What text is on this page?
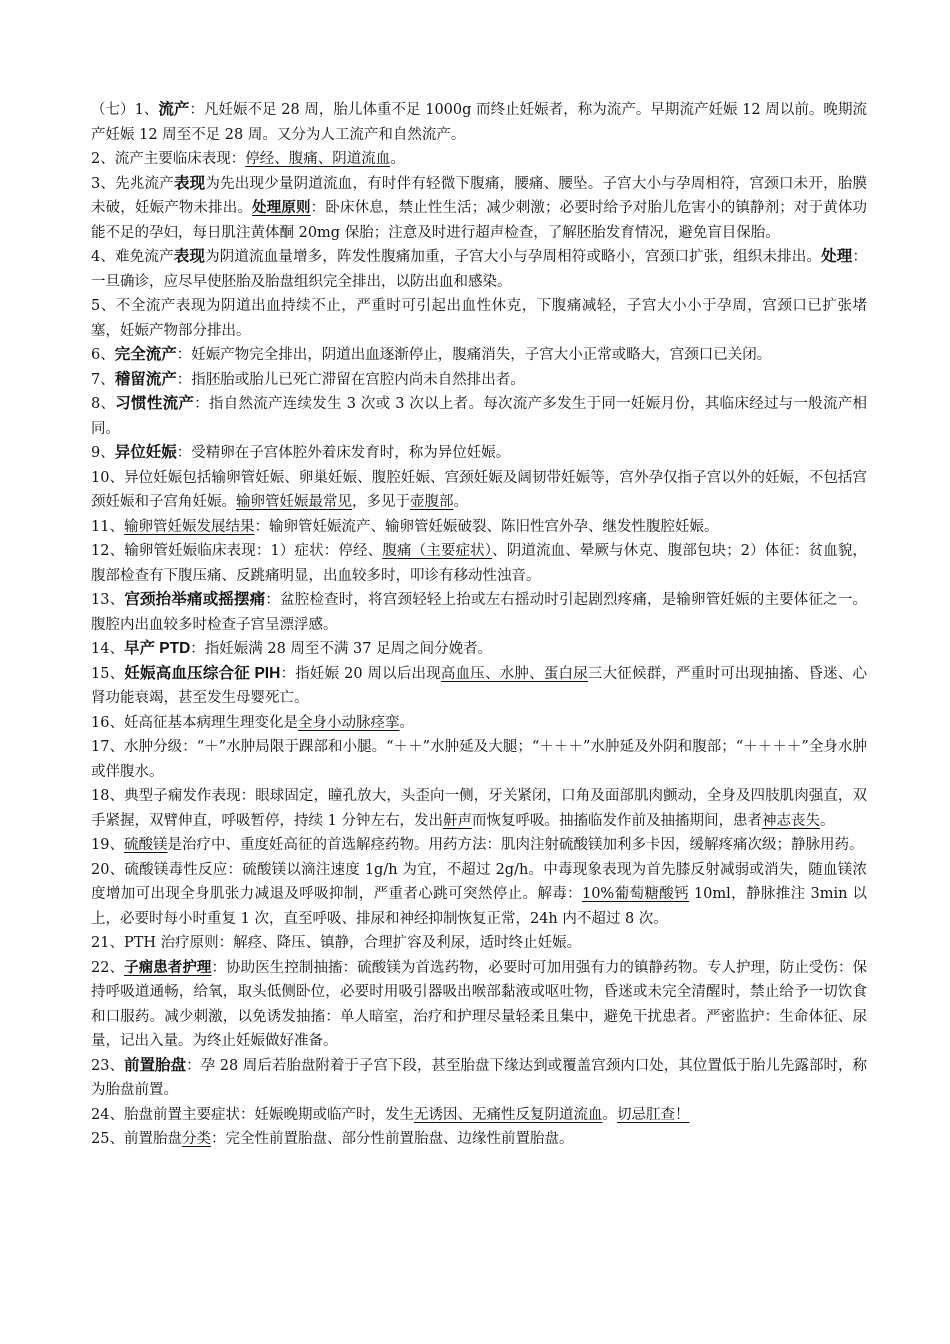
（七）1、流产：凡妊娠不足 28 周，胎儿体重不足 1000g 而终止妊娠者，称为流产。早期流产妊娠 12 周以前。晚期流产妊娠 12 周至不足 28 周。又分为人工流产和自然流产。

2、流产主要临床表现：停经、腹痛、阴道流血。

3、先兆流产表现为先出现少量阴道流血，有时伴有轻微下腹痛，腰痛、腰坠。子宫大小与孕周相符，宫颈口未开，胎膜未破，妊娠产物未排出。处理原则：卧床休息，禁止性生活；减少刺激；必要时给予对胎儿危害小的镇静剂；对于黄体功能不足的孕妇，每日肌注黄体酮 20mg 保胎；注意及时进行超声检查，了解胚胎发育情况，避免盲目保胎。

4、难免流产表现为阴道流血量增多，阵发性腹痛加重，子宫大小与孕周相符或略小，宫颈口扩张，组织未排出。处理：一旦确诊，应尽早使胚胎及胎盘组织完全排出，以防出血和感染。

5、不全流产表现为阴道出血持续不止，严重时可引起出血性休克，下腹痛减轻，子宫大小小于孕周，宫颈口已扩张堵塞，妊娠产物部分排出。

6、完全流产：妊娠产物完全排出，阴道出血逐渐停止，腹痛消失，子宫大小正常或略大，宫颈口已关闭。

7、稽留流产：指胚胎或胎儿已死亡滞留在宫腔内尚未自然排出者。

8、习惯性流产：指自然流产连续发生 3 次或 3 次以上者。每次流产多发生于同一妊娠月份，其临床经过与一般流产相同。

9、异位妊娠：受精卵在子宫体腔外着床发育时，称为异位妊娠。

10、异位妊娠包括输卵管妊娠、卵巢妊娠、腹腔妊娠、宫颈妊娠及阔韧带妊娠等，宫外孕仅指子宫以外的妊娠，不包括宫颈妊娠和子宫角妊娠。输卵管妊娠最常见，多见于壶腹部。

11、输卵管妊娠发展结果：输卵管妊娠流产、输卵管妊娠破裂、陈旧性宫外孕、继发性腹腔妊娠。

12、输卵管妊娠临床表现：1）症状：停经、腹痛（主要症状）、阴道流血、晕厥与休克、腹部包块；2）体征：贫血貌，腹部检查有下腹压痛、反跳痛明显，出血较多时，叩诊有移动性浊音。

13、宫颈抬举痛或摇摆痛：盆腔检查时，将宫颈轻轻上抬或左右摇动时引起剧烈疼痛，是输卵管妊娠的主要体征之一。腹腔内出血较多时检查子宫呈漂浮感。

14、早产 PTD：指妊娠满 28 周至不满 37 足周之间分娩者。

15、妊娠高血压综合征 PIH：指妊娠 20 周以后出现高血压、水肿、蛋白尿三大征候群，严重时可出现抽搐、昏迷、心肾功能衰竭，甚至发生母婴死亡。

16、妊高征基本病理生理变化是全身小动脉痉挛。

17、水肿分级：“＋”水肿局限于踝部和小腿。“＋＋”水肿延及大腿；“＋＋＋”水肿延及外阴和腹部；“＋＋＋＋”全身水肿或伴腹水。

18、典型子痫发作表现：眼球固定，瞳孔放大，头歪向一侧，牙关紧闭，口角及面部肌肉颤动，全身及四肢肌肉强直，双手紧握，双臂伸直，呼吸暂停，持续 1 分钟左右，发出鼾声而恢复呼吸。抽搐临发作前及抽搐期间，患者神志丧失。

19、硫酸镁是治疗中、重度妊高征的首选解痉药物。用药方法：肌肉注射硫酸镁加利多卡因，缓解疼痛次级；静脉用药。

20、硫酸镁毒性反应：硫酸镁以滴注速度 1g/h 为宜，不超过 2g/h。中毒现象表现为首先膝反射减弱或消失，随血镁浓度增加可出现全身肌张力减退及呼吸抑制，严重者心跳可突然停止。解毒：10%葡萄糖酸钙 10ml，静脉推注 3min 以上，必要时每小时重复 1 次，直至呼吸、排尿和神经抑制恢复正常，24h 内不超过 8 次。

21、PTH 治疗原则：解痉、降压、镇静，合理扩容及利尿，适时终止妊娠。

22、子痫患者护理：协助医生控制抽搐：硫酸镁为首选药物，必要时可加用强有力的镇静药物。专人护理，防止受伤：保持呼吸道通畅，给氧，取头低侧卧位，必要时用吸引器吸出喉部黏液或呕吐物，昏迷或未完全清醒时，禁止给予一切饮食和口服药。减少刺激，以免诱发抽搐：单人暗室，治疗和护理尽量轻柔且集中，避免干扰患者。严密监护：生命体征、尿量，记出入量。为终止妊娠做好准备。

23、前置胎盘：孕 28 周后若胎盘附着于子宫下段，甚至胎盘下缘达到或覆盖宫颈内口处，其位置低于胎儿先露部时，称为胎盘前置。

24、胎盘前置主要症状：妊娠晚期或临产时，发生无诱因、无痛性反复阴道流血。切忌肛查！

25、前置胎盘分类：完全性前置胎盘、部分性前置胎盘、边缘性前置胎盘。
